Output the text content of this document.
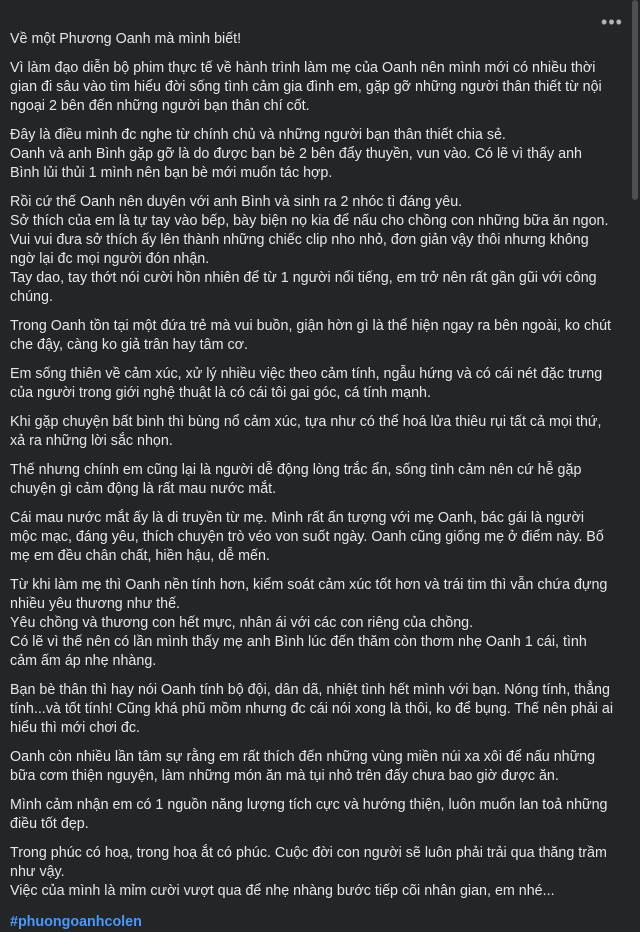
•••
Về một Phương Oanh mà mình biết!
Vì làm đạo diễn bộ phim thực tế về hành trình làm mẹ của Oanh nên mình mới có nhiều thời gian đi sâu vào tìm hiểu đời sống tình cảm gia đình em, gặp gỡ những người thân thiết từ nội ngoại 2 bên đến những người bạn thân chí cốt.
Đây là điều mình đc nghe từ chính chủ và những người bạn thân thiết chia sẻ.
Oanh và anh Bình gặp gỡ là do được bạn bè 2 bên đẩy thuyền, vun vào. Có lẽ vì thấy anh Bình lủi thủi 1 mình nên bạn bè mới muốn tác hợp.
Rồi cứ thế Oanh nên duyên với anh Bình và sinh ra 2 nhóc tì đáng yêu.
Sở thích của em là tự tay vào bếp, bày biện nọ kia để nấu cho chồng con những bữa ăn ngon.
Vui vui đưa sở thích ấy lên thành những chiếc clip nho nhỏ, đơn giản vậy thôi nhưng không ngờ lại đc mọi người đón nhận.
Tay dao, tay thớt nói cười hồn nhiên để từ 1 người nổi tiếng, em trở nên rất gần gũi với công chúng.
Trong Oanh tồn tại một đứa trẻ mà vui buồn, giận hờn gì là thể hiện ngay ra bên ngoài, ko chút che đậy, càng ko giả trân hay tâm cơ.
Em sống thiên về cảm xúc, xử lý nhiều việc theo cảm tính, ngẫu hứng và có cái nét đặc trưng của người trong giới nghệ thuật là có cái tôi gai góc, cá tính mạnh.
Khi gặp chuyện bất bình thì bùng nổ cảm xúc, tựa như có thể hoá lửa thiêu rụi tất cả mọi thứ, xả ra những lời sắc nhọn.
Thế nhưng chính em cũng lại là người dễ động lòng trắc ẩn, sống tình cảm nên cứ hễ gặp chuyện gì cảm động là rất mau nước mắt.
Cái mau nước mắt ấy là di truyền từ mẹ. Mình rất ấn tượng với mẹ Oanh, bác gái là người mộc mạc, đáng yêu, thích chuyện trò véo von suốt ngày. Oanh cũng giống mẹ ở điểm này. Bố mẹ em đều chân chất, hiền hậu, dễ mến.
Từ khi làm mẹ thì Oanh nền tính hơn, kiểm soát cảm xúc tốt hơn và trái tim thì vẫn chứa đựng nhiều yêu thương như thế.
Yêu chồng và thương con hết mực, nhân ái với các con riêng của chồng.
Có lẽ vì thế nên có lần mình thấy mẹ anh Bình lúc đến thăm còn thơm nhẹ Oanh 1 cái, tình cảm ấm áp nhẹ nhàng.
Bạn bè thân thì hay nói Oanh tính bộ đội, dân dã, nhiệt tình hết mình với bạn. Nóng tính, thẳng tính...và tốt tính! Cũng khá phũ mồm nhưng đc cái nói xong là thôi, ko để bụng. Thế nên phải ai hiểu thì mới chơi đc.
Oanh còn nhiều lần tâm sự rằng em rất thích đến những vùng miền núi xa xôi để nấu những bữa cơm thiện nguyện, làm những món ăn mà tụi nhỏ trên đấy chưa bao giờ được ăn.
Mình cảm nhận em có 1 nguồn năng lượng tích cực và hướng thiện, luôn muốn lan toả những điều tốt đẹp.
Trong phúc có hoạ, trong hoạ ắt có phúc. Cuộc đời con người sẽ luôn phải trải qua thăng trầm như vậy.
Việc của mình là mỉm cười vượt qua để nhẹ nhàng bước tiếp cõi nhân gian, em nhé...
#phuongoanhcolen
